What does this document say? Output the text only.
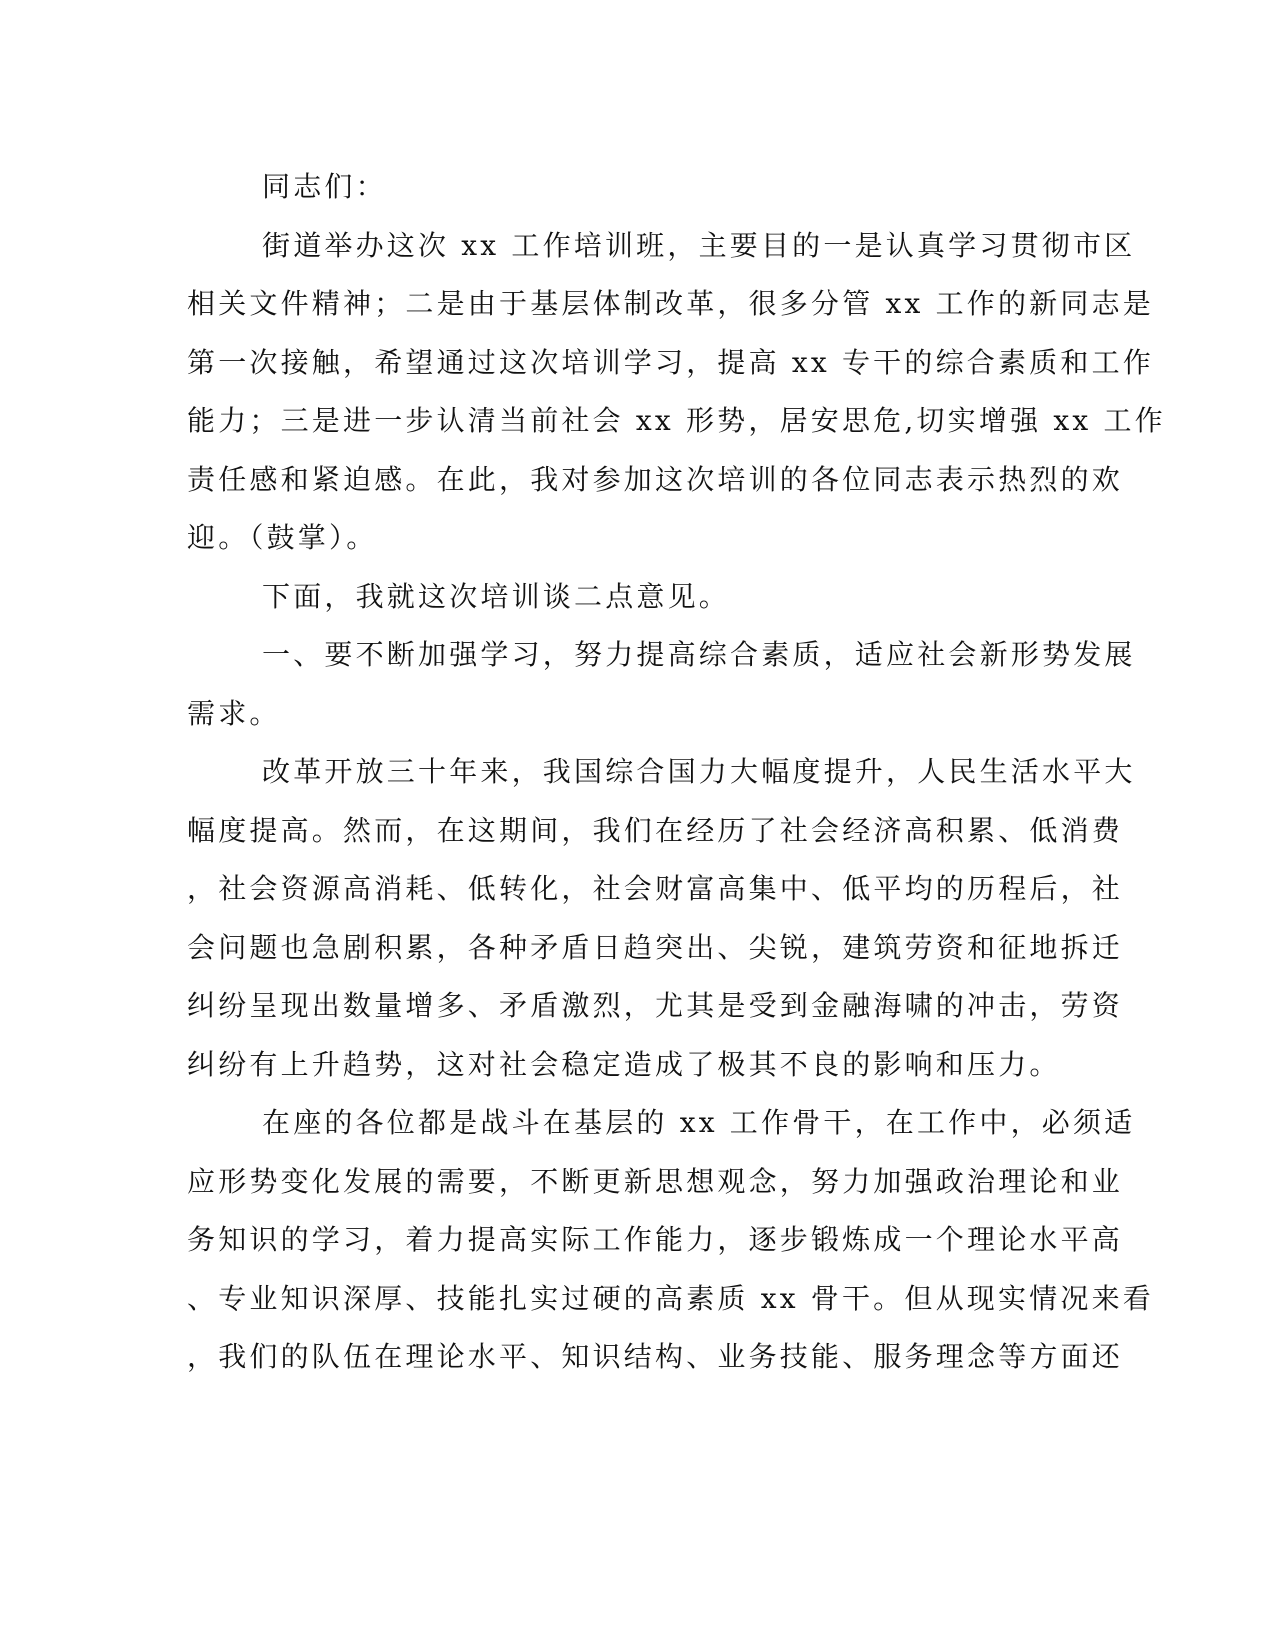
同志们：
街道举办这次 xx 工作培训班，主要目的一是认真学习贯彻市区
相关文件精神；二是由于基层体制改革，很多分管 xx 工作的新同志是
第一次接触，希望通过这次培训学习，提高 xx 专干的综合素质和工作
能力；三是进一步认清当前社会 xx 形势，居安思危,切实增强 xx 工作
责任感和紧迫感。在此，我对参加这次培训的各位同志表示热烈的欢
迎。（鼓掌）。
下面，我就这次培训谈二点意见。
一、要不断加强学习，努力提高综合素质，适应社会新形势发展
需求。
改革开放三十年来，我国综合国力大幅度提升，人民生活水平大
幅度提高。然而，在这期间，我们在经历了社会经济高积累、低消费
，社会资源高消耗、低转化，社会财富高集中、低平均的历程后，社
会问题也急剧积累，各种矛盾日趋突出、尖锐，建筑劳资和征地拆迁
纠纷呈现出数量增多、矛盾激烈，尤其是受到金融海啸的冲击，劳资
纠纷有上升趋势，这对社会稳定造成了极其不良的影响和压力。
在座的各位都是战斗在基层的 xx 工作骨干，在工作中，必须适
应形势变化发展的需要，不断更新思想观念，努力加强政治理论和业
务知识的学习，着力提高实际工作能力，逐步锻炼成一个理论水平高
、专业知识深厚、技能扎实过硬的高素质 xx 骨干。但从现实情况来看
，我们的队伍在理论水平、知识结构、业务技能、服务理念等方面还
